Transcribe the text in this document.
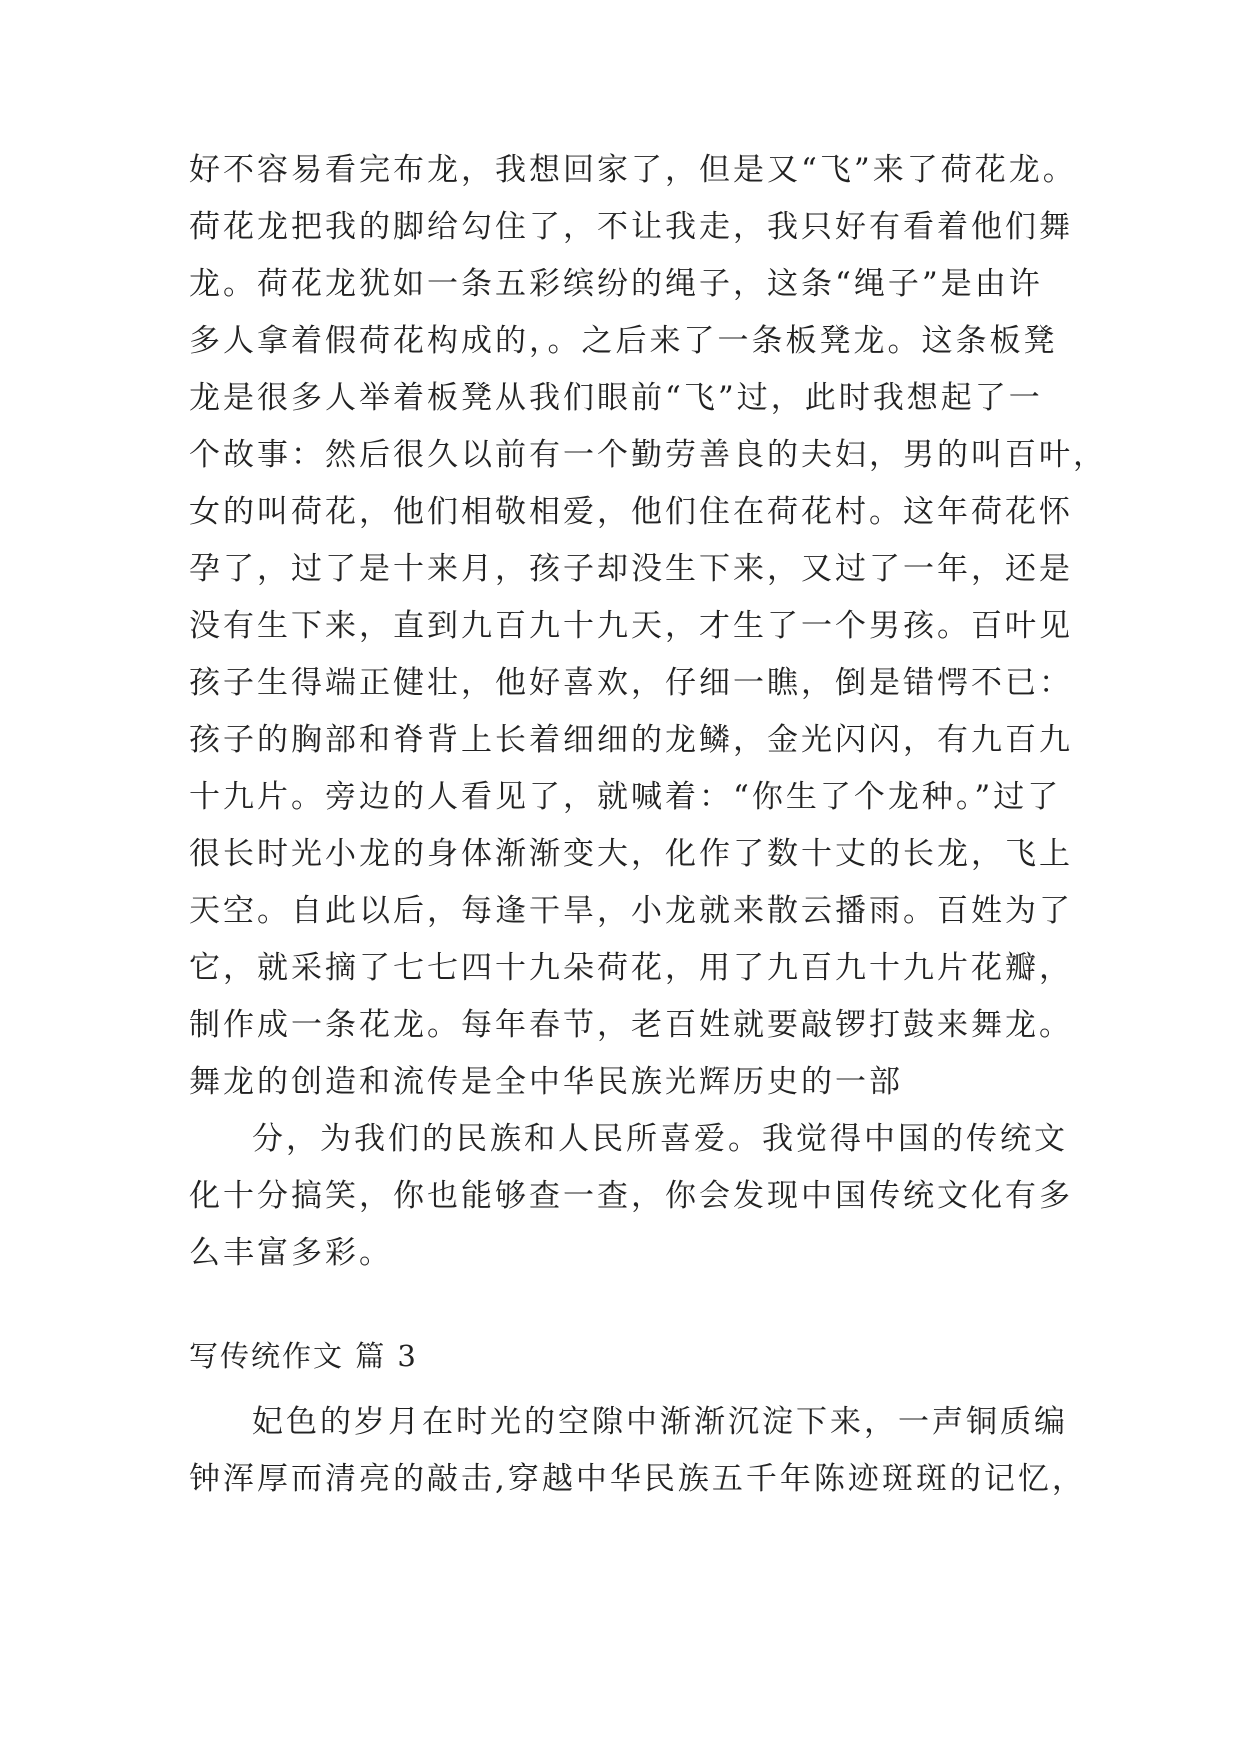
好不容易看完布龙，我想回家了，但是又“飞”来了荷花龙。
荷花龙把我的脚给勾住了，不让我走，我只好有看着他们舞
龙。荷花龙犹如一条五彩缤纷的绳子，这条“绳子”是由许
多人拿着假荷花构成的，。之后来了一条板凳龙。这条板凳
龙是很多人举着板凳从我们眼前“飞”过，此时我想起了一
个故事：然后很久以前有一个勤劳善良的夫妇，男的叫百叶，
女的叫荷花，他们相敬相爱，他们住在荷花村。这年荷花怀
孕了，过了是十来月，孩子却没生下来，又过了一年，还是
没有生下来，直到九百九十九天，才生了一个男孩。百叶见
孩子生得端正健壮，他好喜欢，仔细一瞧，倒是错愕不已：
孩子的胸部和脊背上长着细细的龙鳞，金光闪闪，有九百九
十九片。旁边的人看见了，就喊着：“你生了个龙种。”过了
很长时光小龙的身体渐渐变大，化作了数十丈的长龙，飞上
天空。自此以后，每逢干旱，小龙就来散云播雨。百姓为了
它，就采摘了七七四十九朵荷花，用了九百九十九片花瓣，
制作成一条花龙。每年春节，老百姓就要敲锣打鼓来舞龙。
舞龙的创造和流传是全中华民族光辉历史的一部
分，为我们的民族和人民所喜爱。我觉得中国的传统文
化十分搞笑，你也能够查一查，你会发现中国传统文化有多
么丰富多彩。
写传统作文 篇 3
妃色的岁月在时光的空隙中渐渐沉淀下来，一声铜质编
钟浑厚而清亮的敲击,穿越中华民族五千年陈迹斑斑的记忆，
